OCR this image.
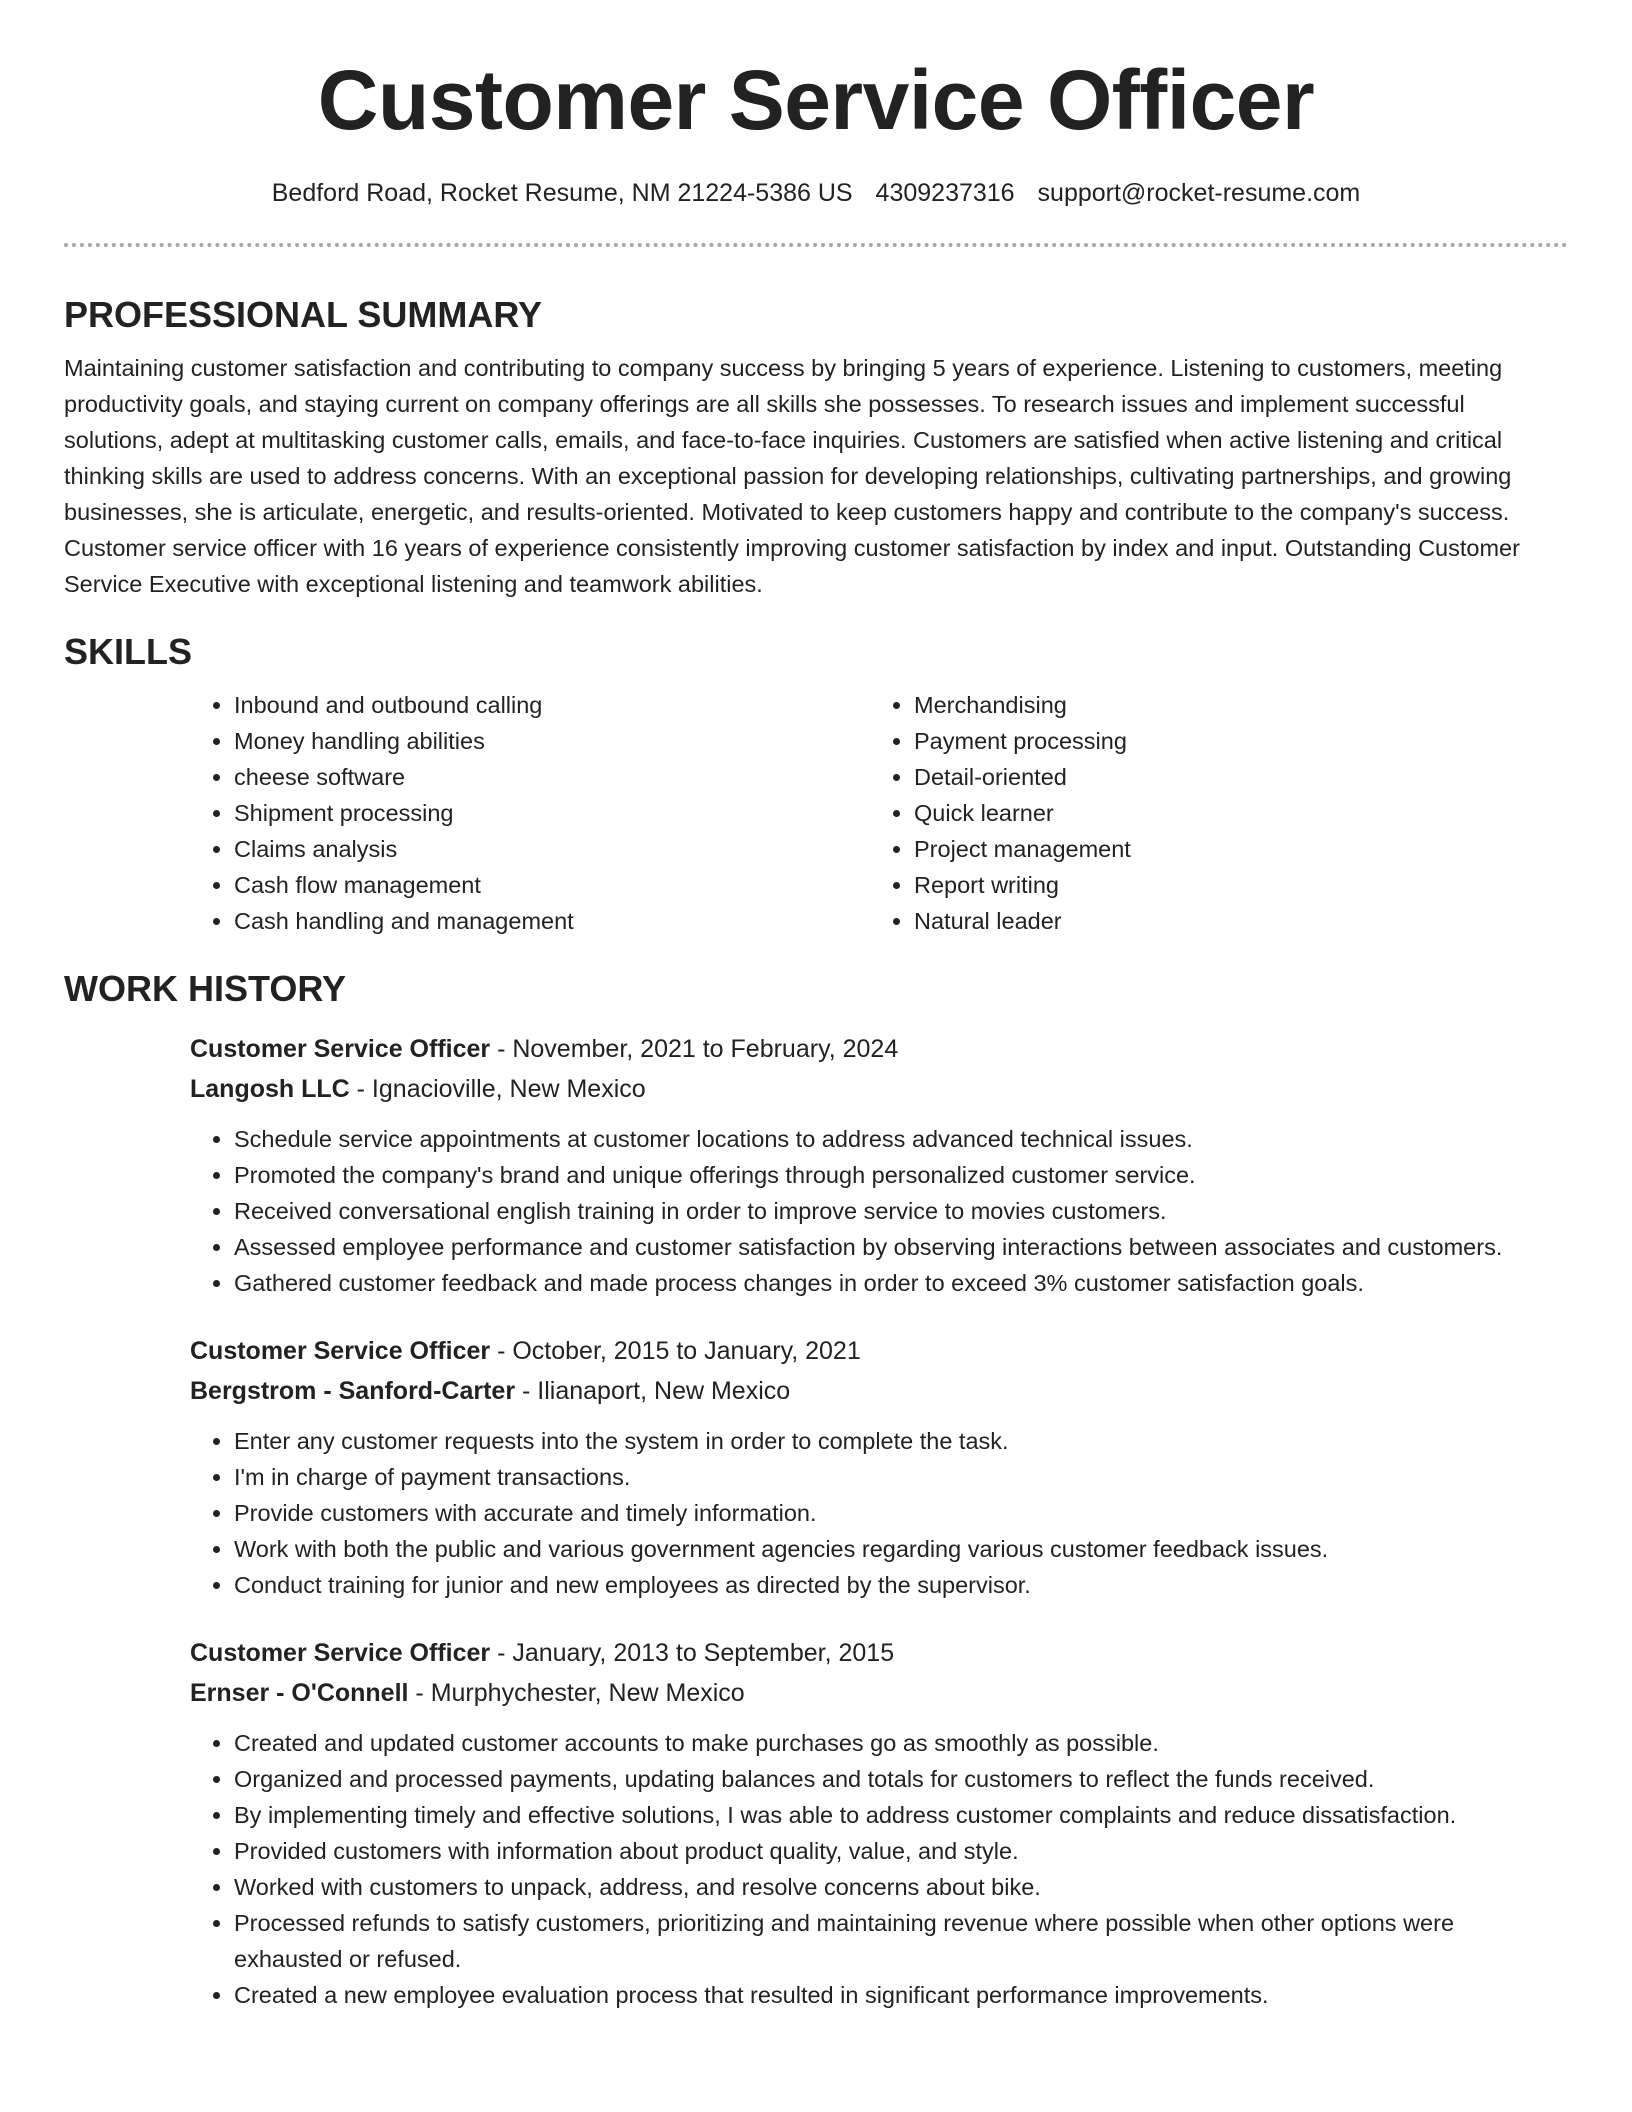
Customer Service Officer
Bedford Road, Rocket Resume, NM 21224-5386 US 4309237316 support@rocket-resume.com
PROFESSIONAL SUMMARY

Maintaining customer satisfaction and contributing to company success by bringing 5 years of experience. Listening to customers, meeting productivity goals, and staying current on company offerings are all skills she possesses. To research issues and implement successful solutions, adept at multitasking customer calls, emails, and face-to-face inquiries. Customers are satisfied when active listening and critical thinking skills are used to address concerns. With an exceptional passion for developing relationships, cultivating partnerships, and growing businesses, she is articulate, energetic, and results-oriented. Motivated to keep customers happy and contribute to the company's success. Customer service officer with 16 years of experience consistently improving customer satisfaction by index and input. Outstanding Customer Service Executive with exceptional listening and teamwork abilities.

SKILLS
• Inbound and outbound calling
• Money handling abilities
• cheese software
• Shipment processing
• Claims analysis
• Cash flow management
• Cash handling and management
• Merchandising
• Payment processing
• Detail-oriented
• Quick learner
• Project management
• Report writing
• Natural leader
WORK HISTORY
Customer Service Officer - November, 2021 to February, 2024
Langosh LLC - Ignacioville, New Mexico
• Schedule service appointments at customer locations to address advanced technical issues.
• Promoted the company's brand and unique offerings through personalized customer service.
• Received conversational english training in order to improve service to movies customers.
• Assessed employee performance and customer satisfaction by observing interactions between associates and customers.
• Gathered customer feedback and made process changes in order to exceed 3% customer satisfaction goals.
Customer Service Officer - October, 2015 to January, 2021
Bergstrom - Sanford-Carter - Ilianaport, New Mexico
• Enter any customer requests into the system in order to complete the task.
• I'm in charge of payment transactions.
• Provide customers with accurate and timely information.
• Work with both the public and various government agencies regarding various customer feedback issues.
• Conduct training for junior and new employees as directed by the supervisor.
Customer Service Officer - January, 2013 to September, 2015
Ernser - O'Connell - Murphychester, New Mexico
• Created and updated customer accounts to make purchases go as smoothly as possible.
• Organized and processed payments, updating balances and totals for customers to reflect the funds received.
• By implementing timely and effective solutions, I was able to address customer complaints and reduce dissatisfaction.
• Provided customers with information about product quality, value, and style.
• Worked with customers to unpack, address, and resolve concerns about bike.
• Processed refunds to satisfy customers, prioritizing and maintaining revenue where possible when other options were exhausted or refused.
• Created a new employee evaluation process that resulted in significant performance improvements.
